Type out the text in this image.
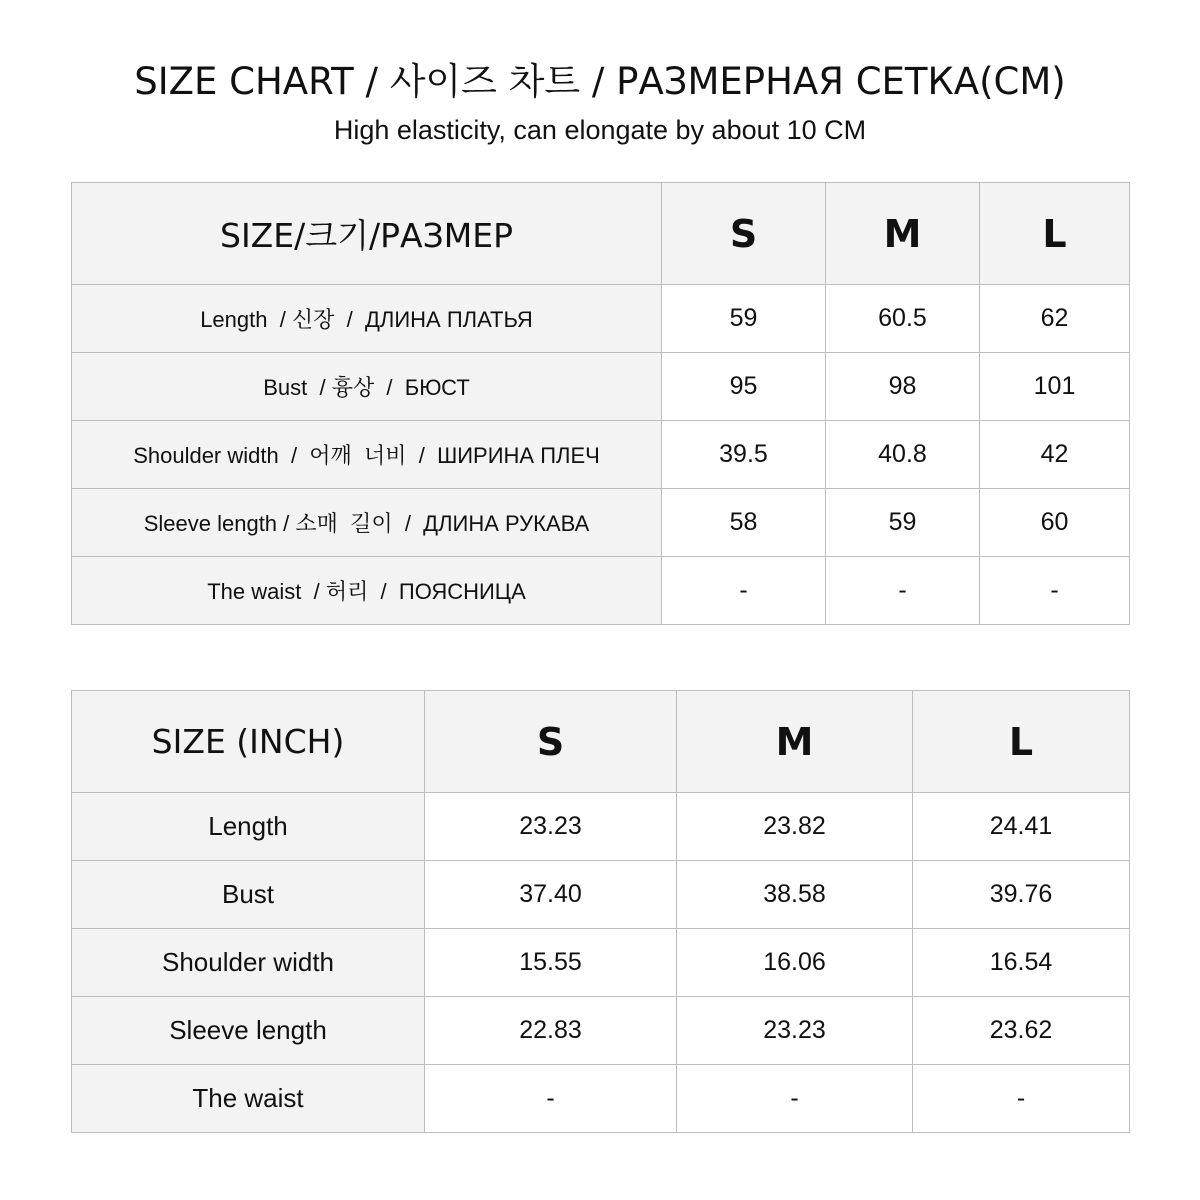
SIZE CHART / 사이즈 차트 / РАЗМЕРНАЯ СЕТКА(CM)
High elasticity, can elongate by about 10 CM
SIZE/크기/РАЗМЕР	S	M	L
Length  / 신장  /  ДЛИНА ПЛАТЬЯ	59	60.5	62
Bust  / 흉상  /  БЮСТ	95	98	101
Shoulder width  /  어깨  너비  /  ШИРИНА ПЛЕЧ	39.5	40.8	42
Sleeve length / 소매  길이  /  ДЛИНА РУКАВА	58	59	60
The waist  / 허리  /  ПОЯСНИЦА	-	-	-
SIZE (INCH)	S	M	L
Length	23.23	23.82	24.41
Bust	37.40	38.58	39.76
Shoulder width	15.55	16.06	16.54
Sleeve length	22.83	23.23	23.62
The waist	-	-	-
